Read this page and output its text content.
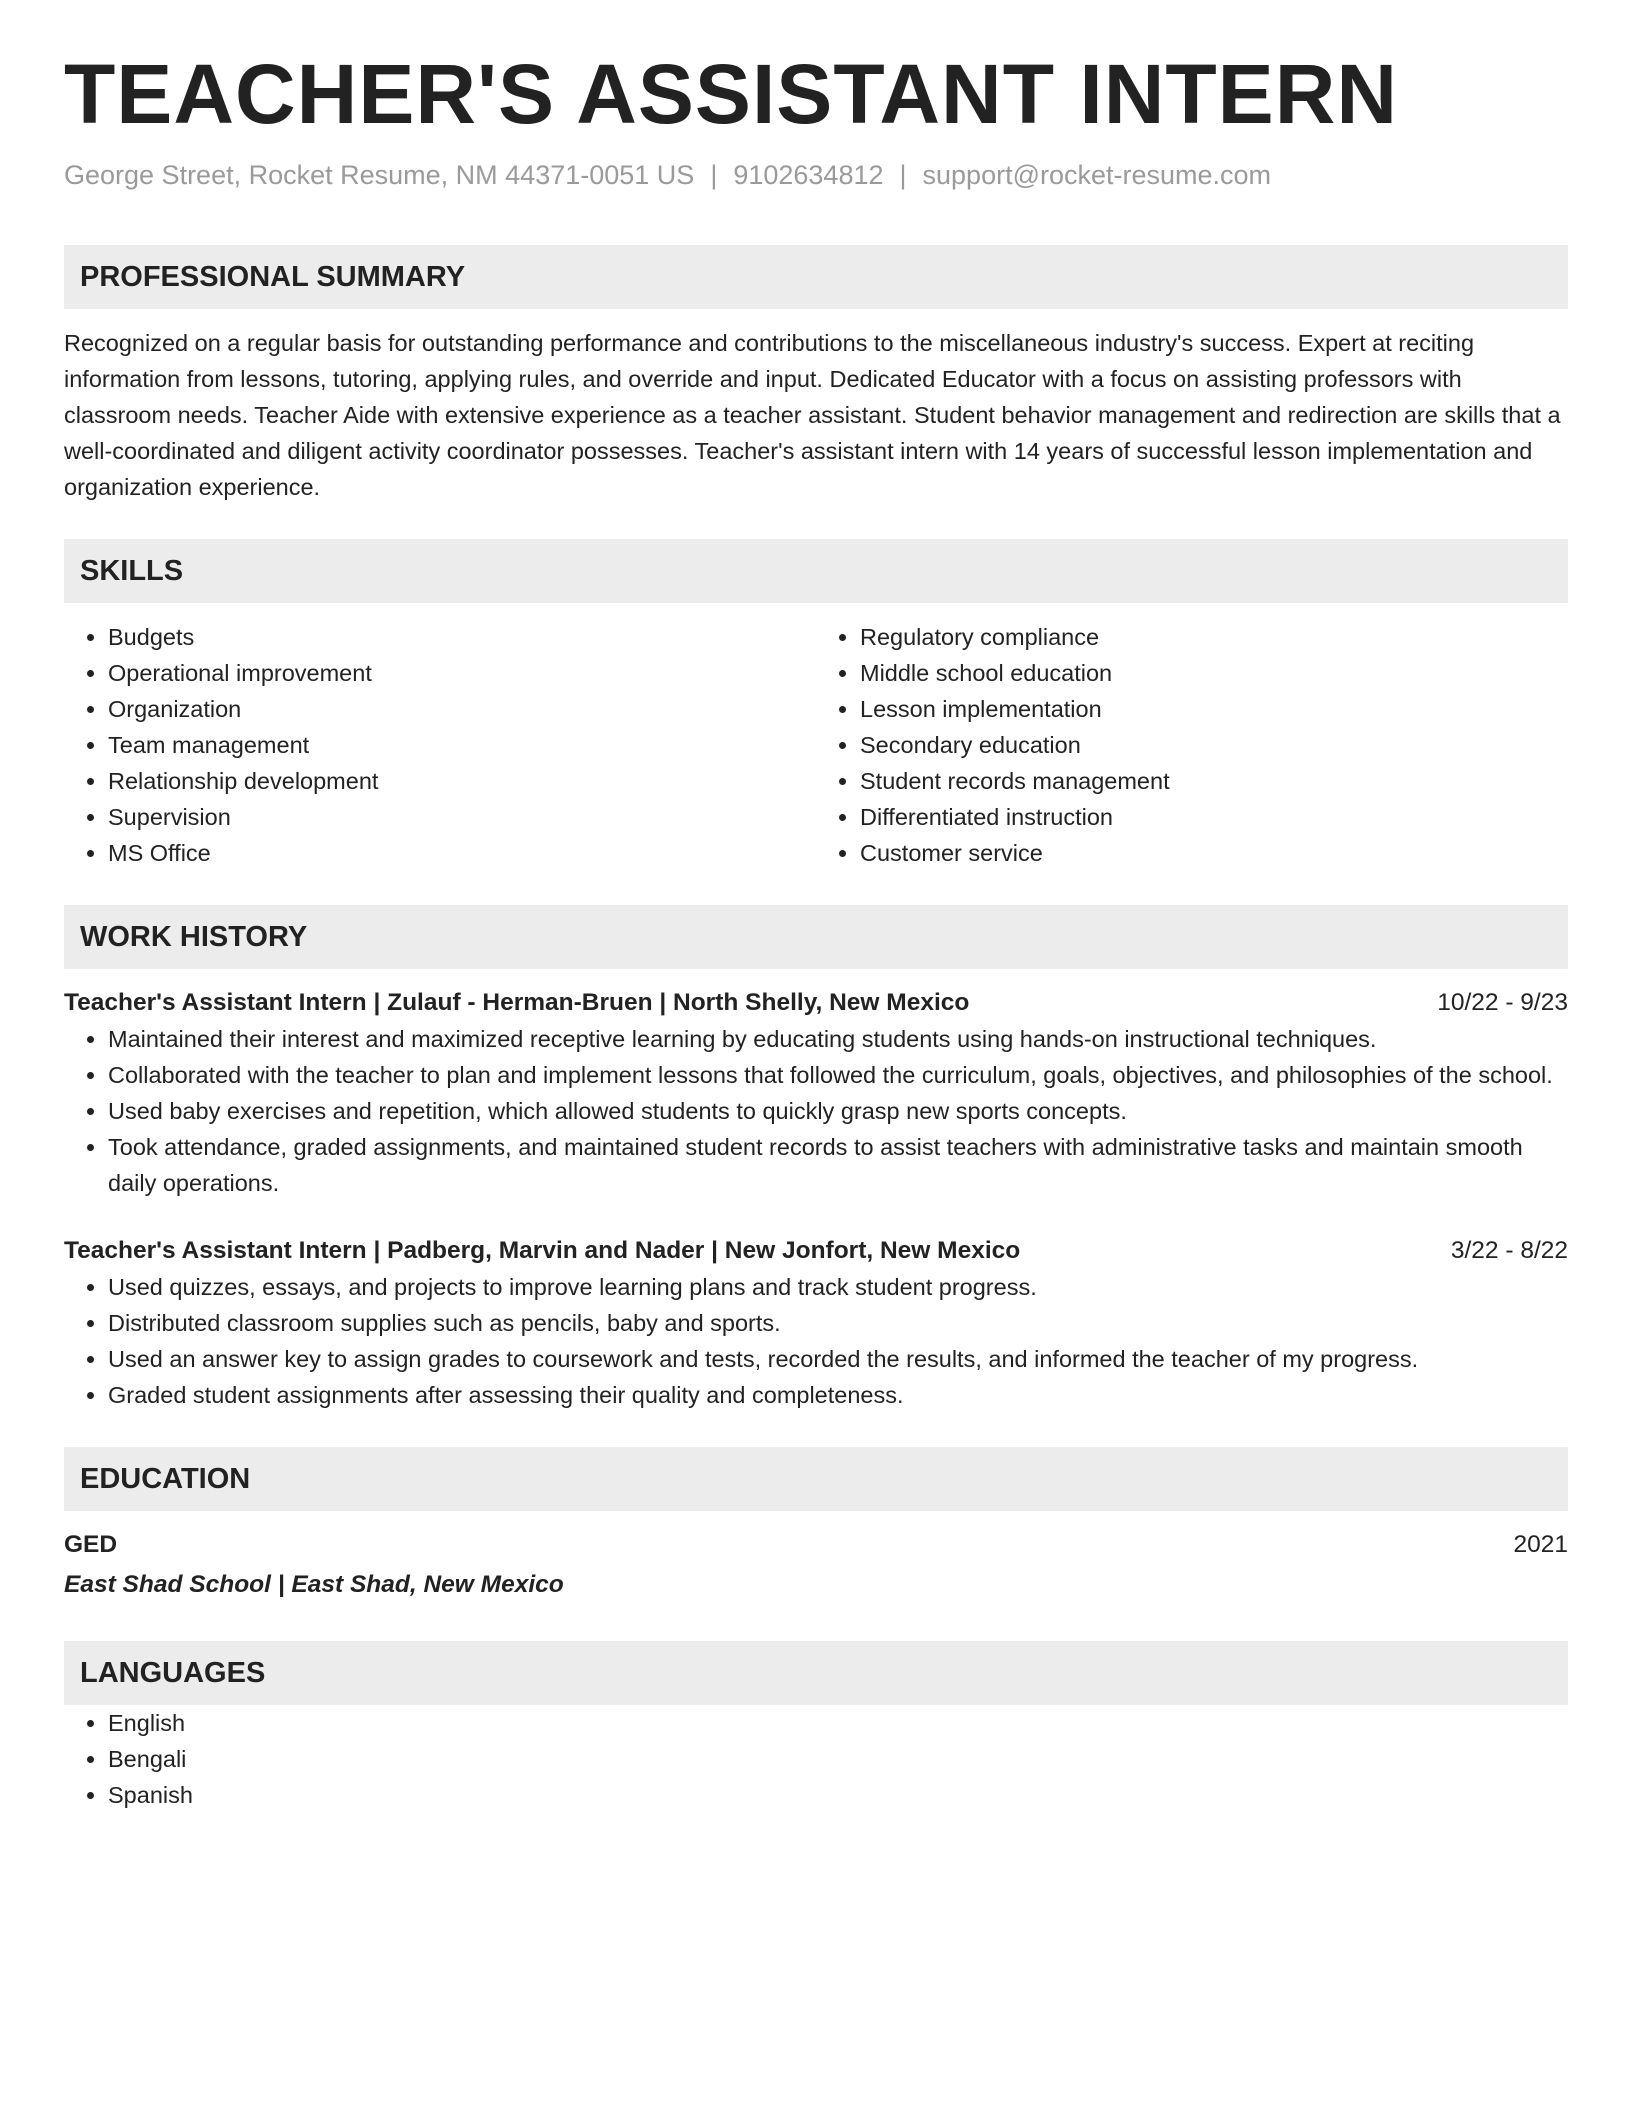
TEACHER'S ASSISTANT INTERN
George Street, Rocket Resume, NM 44371-0051 US | 9102634812 | support@rocket-resume.com
PROFESSIONAL SUMMARY

Recognized on a regular basis for outstanding performance and contributions to the miscellaneous industry's success. Expert at reciting information from lessons, tutoring, applying rules, and override and input. Dedicated Educator with a focus on assisting professors with classroom needs. Teacher Aide with extensive experience as a teacher assistant. Student behavior management and redirection are skills that a well-coordinated and diligent activity coordinator possesses. Teacher's assistant intern with 14 years of successful lesson implementation and organization experience.

SKILLS
• Budgets
• Operational improvement
• Organization
• Team management
• Relationship development
• Supervision
• MS Office
• Regulatory compliance
• Middle school education
• Lesson implementation
• Secondary education
• Student records management
• Differentiated instruction
• Customer service
WORK HISTORY
Teacher's Assistant Intern | Zulauf - Herman-Bruen | North Shelly, New Mexico	10/22 - 9/23
• Maintained their interest and maximized receptive learning by educating students using hands-on instructional techniques.
• Collaborated with the teacher to plan and implement lessons that followed the curriculum, goals, objectives, and philosophies of the school.
• Used baby exercises and repetition, which allowed students to quickly grasp new sports concepts.
• Took attendance, graded assignments, and maintained student records to assist teachers with administrative tasks and maintain smooth daily operations.
Teacher's Assistant Intern | Padberg, Marvin and Nader | New Jonfort, New Mexico	3/22 - 8/22
• Used quizzes, essays, and projects to improve learning plans and track student progress.
• Distributed classroom supplies such as pencils, baby and sports.
• Used an answer key to assign grades to coursework and tests, recorded the results, and informed the teacher of my progress.
• Graded student assignments after assessing their quality and completeness.
EDUCATION
GED	2021
East Shad School | East Shad, New Mexico
LANGUAGES
• English
• Bengali
• Spanish
